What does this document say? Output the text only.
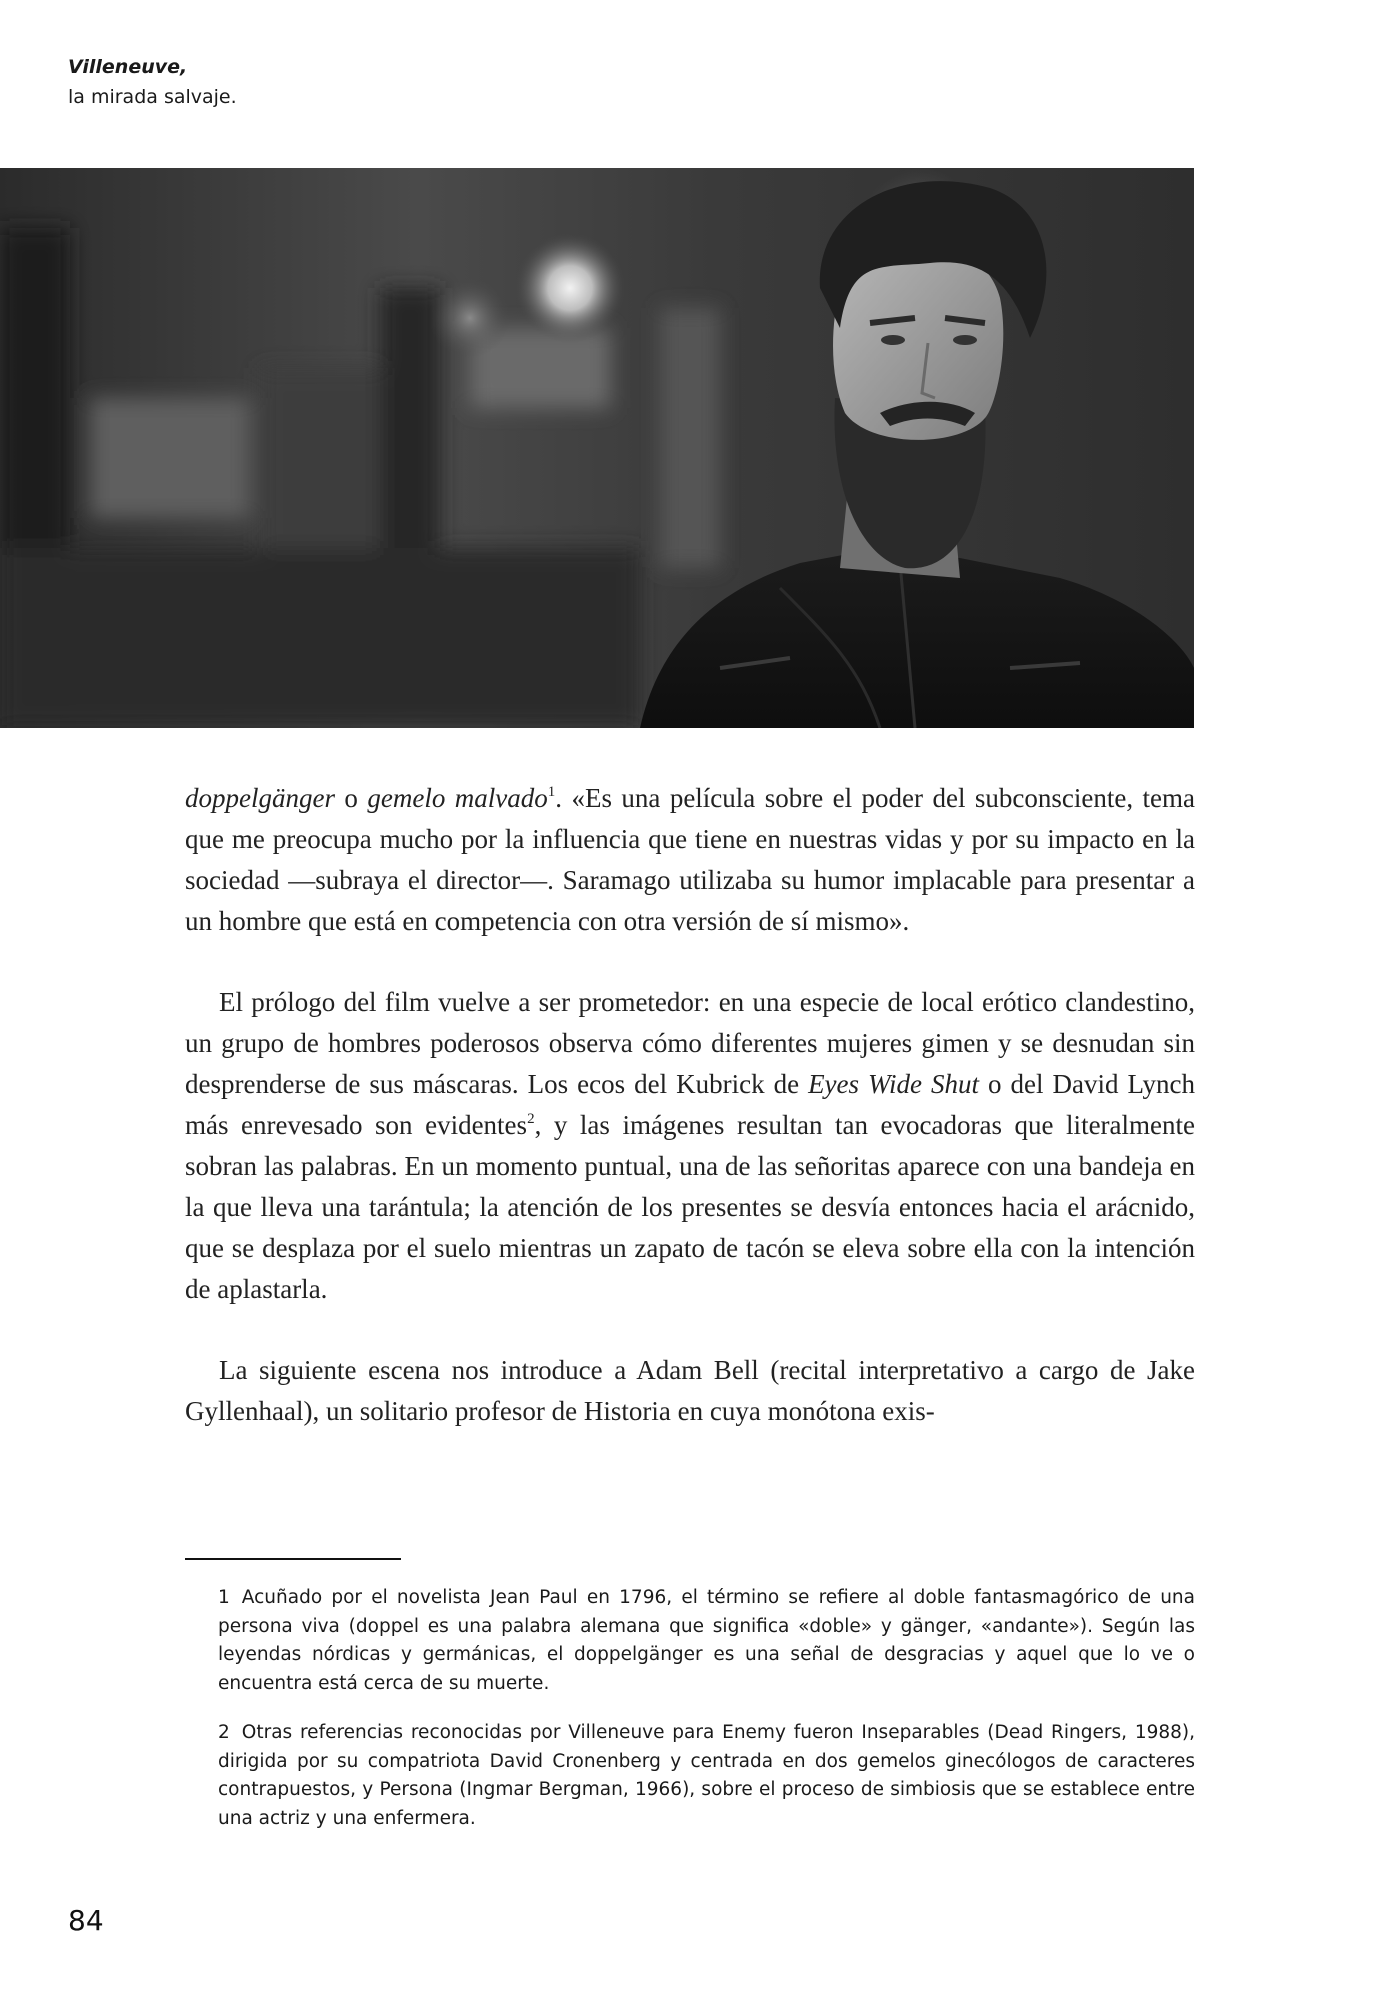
Villeneuve,
la mirada salvaje.

doppelgänger o gemelo malvado$^1$. «Es una película sobre el poder del subconsciente, tema que me preocupa mucho por la influencia que tiene en nuestras vidas y por su impacto en la sociedad —subraya el director—. Saramago utilizaba su humor implacable para presentar a un hombre que está en competencia con otra versión de sí mismo».

El prólogo del film vuelve a ser prometedor: en una especie de local erótico clandestino, un grupo de hombres poderosos observa cómo diferentes mujeres gimen y se desnudan sin desprenderse de sus máscaras. Los ecos del Kubrick de Eyes Wide Shut o del David Lynch más enrevesado son evidentes$^2$, y las imágenes resultan tan evocadoras que literalmente sobran las palabras. En un momento puntual, una de las señoritas aparece con una bandeja en la que lleva una tarántula; la atención de los presentes se desvía entonces hacia el arácnido, que se desplaza por el suelo mientras un zapato de tacón se eleva sobre ella con la intención de aplastarla.

La siguiente escena nos introduce a Adam Bell (recital interpretativo a cargo de Jake Gyllenhaal), un solitario profesor de Historia en cuya monótona exis-

1 Acuñado por el novelista Jean Paul en 1796, el término se refiere al doble fantasmagórico de una persona viva (doppel es una palabra alemana que significa «doble» y gänger, «andante»). Según las leyendas nórdicas y germánicas, el doppelgänger es una señal de desgracias y aquel que lo ve o encuentra está cerca de su muerte.

2 Otras referencias reconocidas por Villeneuve para Enemy fueron Inseparables (Dead Ringers, 1988), dirigida por su compatriota David Cronenberg y centrada en dos gemelos ginecólogos de caracteres contrapuestos, y Persona (Ingmar Bergman, 1966), sobre el proceso de simbiosis que se establece entre una actriz y una enfermera.

84
